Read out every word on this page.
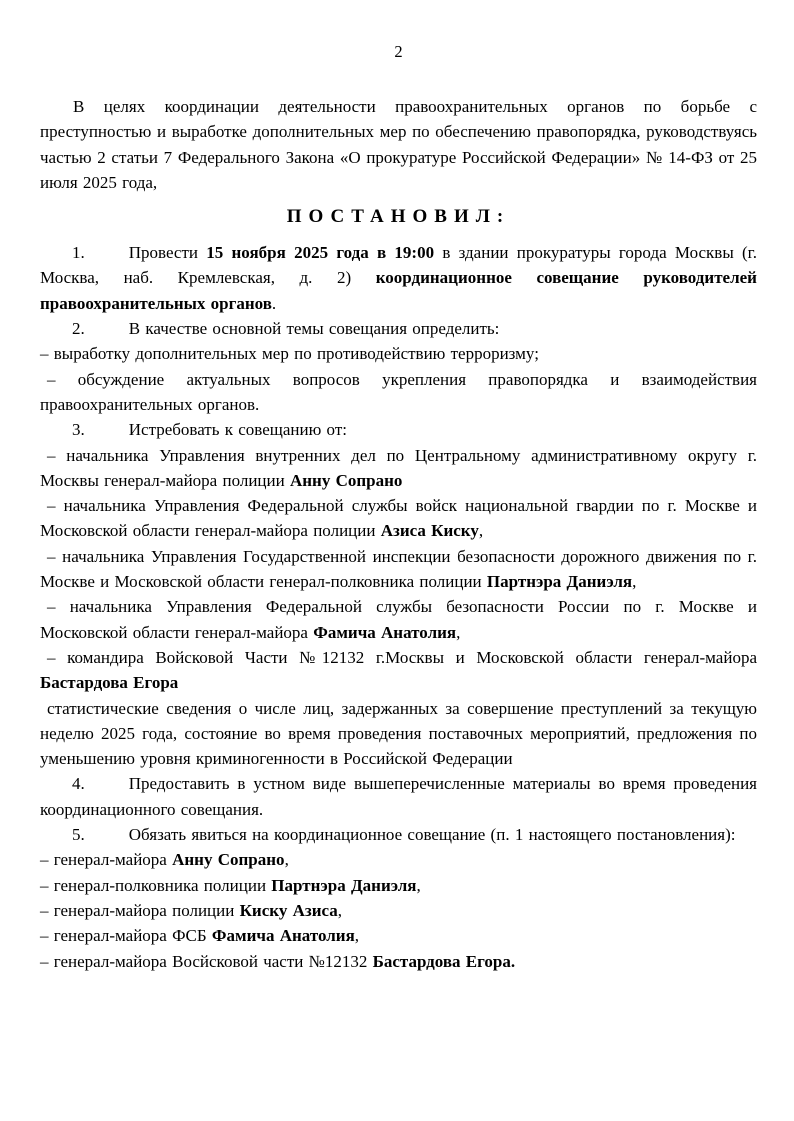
2

В целях координации деятельности правоохранительных органов по борьбе с преступностью и выработке дополнительных мер по обеспечению правопорядка, руководствуясь частью 2 статьи 7 Федерального Закона «О прокуратуре Российской Федерации» № 14-ФЗ от 25 июля 2025 года,

ПОСТАНОВИЛ:

1.	Провести 15 ноября 2025 года в 19:00 в здании прокуратуры города Москвы (г. Москва, наб. Кремлевская, д. 2) координационное совещание руководителей правоохранительных органов.

2.	В качестве основной темы совещания определить:

– выработку дополнительных мер по противодействию терроризму;

– обсуждение актуальных вопросов укрепления правопорядка и взаимодействия правоохранительных органов.

3.	Истребовать к совещанию от:

– начальника Управления внутренних дел по Центральному административному округу г. Москвы генерал-майора полиции Анну Сопрано

– начальника Управления Федеральной службы войск национальной гвардии по г. Москве и Московской области генерал-майора полиции Азиса Киску,

– начальника Управления Государственной инспекции безопасности дорожного движения по г. Москве и Московской области генерал-полковника полиции Партнэра Даниэля,

– начальника Управления Федеральной службы безопасности России по г. Москве и Московской области генерал-майора Фамича Анатолия,

– командира Войсковой Части №12132 г.Москвы и Московской области генерал-майора Бастардова Егора

статистические сведения о числе лиц, задержанных за совершение преступлений за текущую неделю 2025 года, состояние во время проведения поставочных мероприятий, предложения по уменьшению уровня криминогенности в Российской Федерации

4.	Предоставить в устном виде вышеперечисленные материалы во время проведения координационного совещания.

5.	Обязать явиться на координационное совещание (п. 1 настоящего постановления):

– генерал-майора Анну Сопрано,

– генерал-полковника полиции Партнэра Даниэля,

– генерал-майора полиции Киску Азиса,

– генерал-майора ФСБ Фамича Анатолия,

– генерал-майора Восйсковой части №12132 Бастардова Егора.
